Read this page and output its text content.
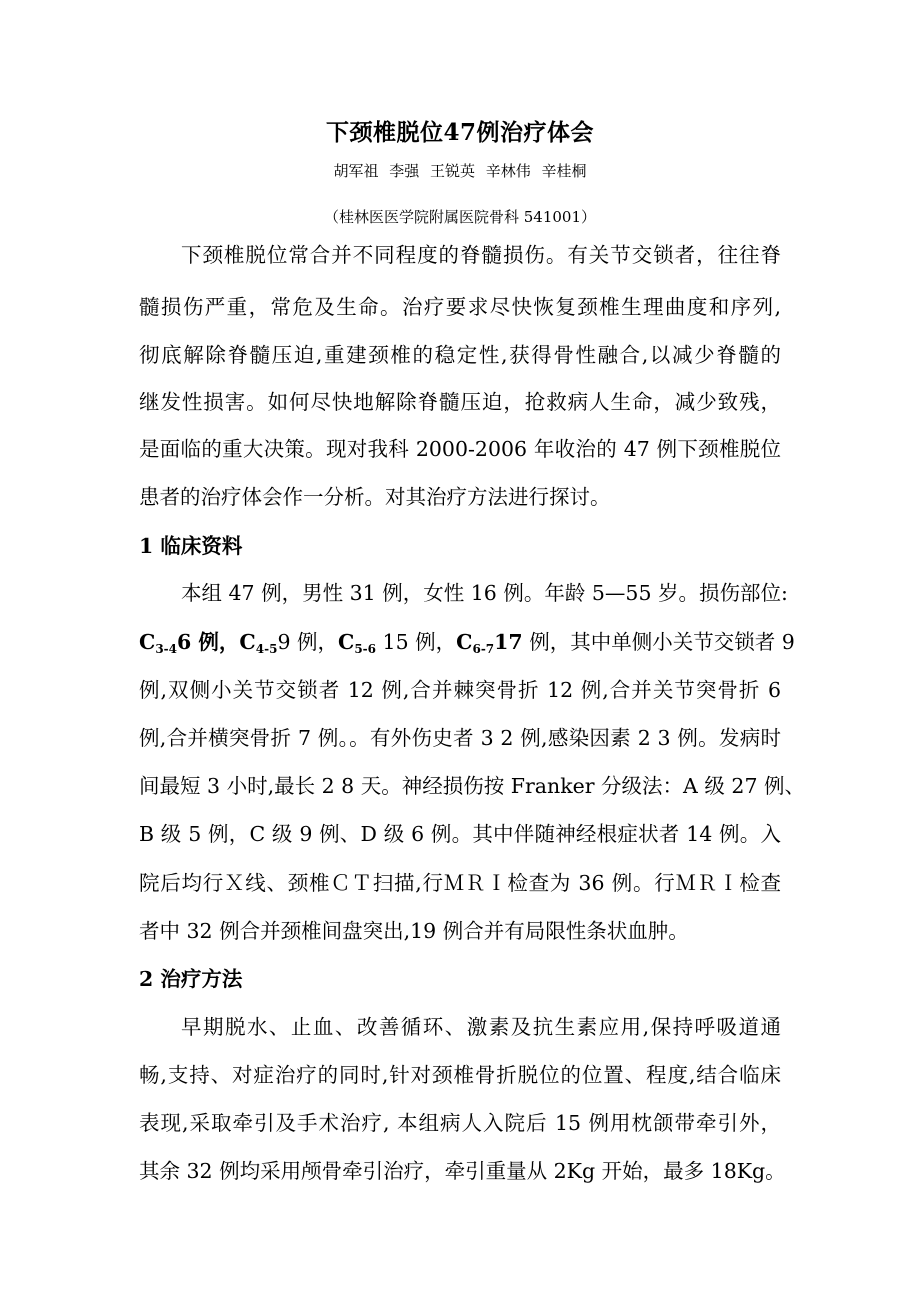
下颈椎脱位47例治疗体会
胡军祖 李强 王锐英 辛林伟 辛桂桐
（桂林医医学院附属医院骨科 541001）
下颈椎脱位常合并不同程度的脊髓损伤。有关节交锁者，往往脊
髓损伤严重，常危及生命。治疗要求尽快恢复颈椎生理曲度和序列,
彻底解除脊髓压迫,重建颈椎的稳定性,获得骨性融合,以减少脊髓的
继发性损害。如何尽快地解除脊髓压迫，抢救病人生命，减少致残，
是面临的重大决策。现对我科 2000-2006 年收治的 47 例下颈椎脱位
患者的治疗体会作一分析。对其治疗方法进行探讨。
1 临床资料
本组 47 例，男性 31 例，女性 16 例。年龄 5—55 岁。损伤部位:
$C_{3-4}6$ 例，$C_{4-5}9$ 例，$C_{5-6}$ 15 例，$C_{6-7}17$ 例，其中单侧小关节交锁者 9
例,双侧小关节交锁者 12 例,合并棘突骨折 12 例,合并关节突骨折 6
例,合并横突骨折 7 例。。有外伤史者 3 2 例,感染因素 2 3 例。发病时
间最短 3 小时,最长 2 8 天。神经损伤按 Franker 分级法：A 级 27 例、
B 级 5 例，C 级 9 例、D 级 6 例。其中伴随神经根症状者 14 例。入
院后均行Ｘ线、颈椎ＣＴ扫描,行ＭＲＩ检查为 36 例。行ＭＲＩ检查
者中 32 例合并颈椎间盘突出,19 例合并有局限性条状血肿。
2 治疗方法
早期脱水、止血、改善循环、激素及抗生素应用,保持呼吸道通
畅,支持、对症治疗的同时,针对颈椎骨折脱位的位置、程度,结合临床
表现,采取牵引及手术治疗, 本组病人入院后 15 例用枕颌带牵引外，
其余 32 例均采用颅骨牵引治疗，牵引重量从 2Kg 开始，最多 18Kg。
